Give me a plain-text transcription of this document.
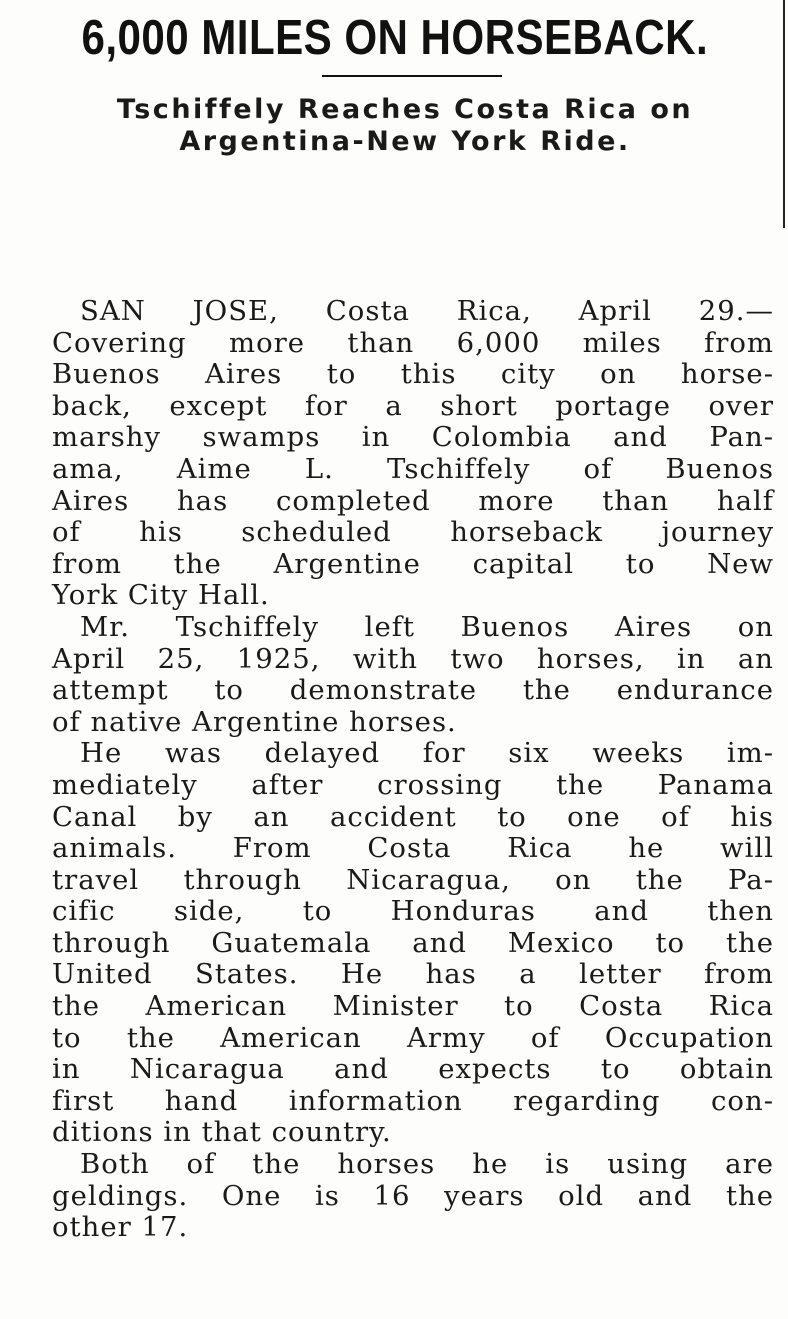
6,000 MILES ON HORSEBACK.
Tschiffely Reaches Costa Rica on
Argentina-New York Ride.
SAN JOSE, Costa Rica, April 29.—
Covering more than 6,000 miles from
Buenos Aires to this city on horse-
back, except for a short portage over
marshy swamps in Colombia and Pan-
ama, Aime L. Tschiffely of Buenos
Aires has completed more than half
of his scheduled horseback journey
from the Argentine capital to New
York City Hall.
Mr. Tschiffely left Buenos Aires on
April 25, 1925, with two horses, in an
attempt to demonstrate the endurance
of native Argentine horses.
He was delayed for six weeks im-
mediately after crossing the Panama
Canal by an accident to one of his
animals. From Costa Rica he will
travel through Nicaragua, on the Pa-
cific side, to Honduras and then
through Guatemala and Mexico to the
United States. He has a letter from
the American Minister to Costa Rica
to the American Army of Occupation
in Nicaragua and expects to obtain
first hand information regarding con-
ditions in that country.
Both of the horses he is using are
geldings. One is 16 years old and the
other 17.
